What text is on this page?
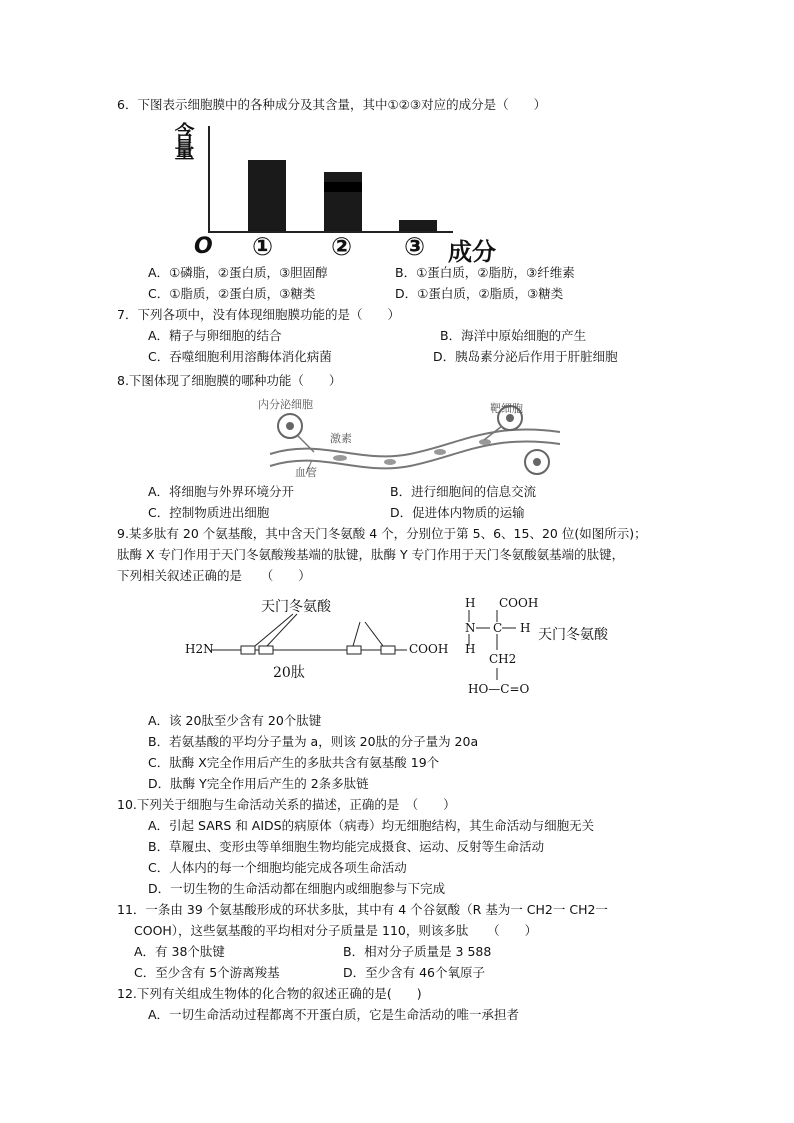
6．下图表示细胞膜中的各种成分及其含量，其中①②③对应的成分是（　　）
含量
O ① ② ③ 成分
A．①磷脂，②蛋白质，③胆固醇	B．①蛋白质，②脂肪，③纤维素
C．①脂质，②蛋白质，③糖类	D．①蛋白质，②脂质，③糖类
7．下列各项中，没有体现细胞膜功能的是（　　）
A．精子与卵细胞的结合	B．海洋中原始细胞的产生
C．吞噬细胞利用溶酶体消化病菌	D．胰岛素分泌后作用于肝脏细胞
8.下图体现了细胞膜的哪种功能（　　）
内分泌细胞	靶细胞
激素
血管
A．将细胞与外界环境分开	B．进行细胞间的信息交流
C．控制物质进出细胞	D．促进体内物质的运输
9.某多肽有 20 个氨基酸，其中含天门冬氨酸 4 个，分别位于第 5、6、15、20 位(如图所示)；
肽酶 X 专门作用于天门冬氨酸羧基端的肽键，肽酶 Y 专门作用于天门冬氨酸氨基端的肽键，
下列相关叙述正确的是　　（　　）
天门冬氨酸
H2N	COOH
20肽
H COOH
N C H
H
CH2
HO—C=O
天门冬氨酸
A．该 20肽至少含有 20个肽键
B．若氨基酸的平均分子量为 a，则该 20肽的分子量为 20a
C．肽酶 X完全作用后产生的多肽共含有氨基酸 19个
D．肽酶 Y完全作用后产生的 2条多肽链
10.下列关于细胞与生命活动关系的描述，正确的是　（　　）
A．引起 SARS 和 AIDS的病原体（病毒）均无细胞结构，其生命活动与细胞无关
B．草履虫、变形虫等单细胞生物均能完成摄食、运动、反射等生命活动
C．人体内的每一个细胞均能完成各项生命活动
D．一切生物的生命活动都在细胞内或细胞参与下完成
11．一条由 39 个氨基酸形成的环状多肽，其中有 4 个谷氨酸（R 基为一 CH2一 CH2一
COOH），这些氨基酸的平均相对分子质量是 110，则该多肽　　（　　）
A．有 38个肽键	B．相对分子质量是 3 588
C．至少含有 5个游离羧基	D．至少含有 46个氧原子
12.下列有关组成生物体的化合物的叙述正确的是(　　)
A．一切生命活动过程都离不开蛋白质，它是生命活动的唯一承担者
